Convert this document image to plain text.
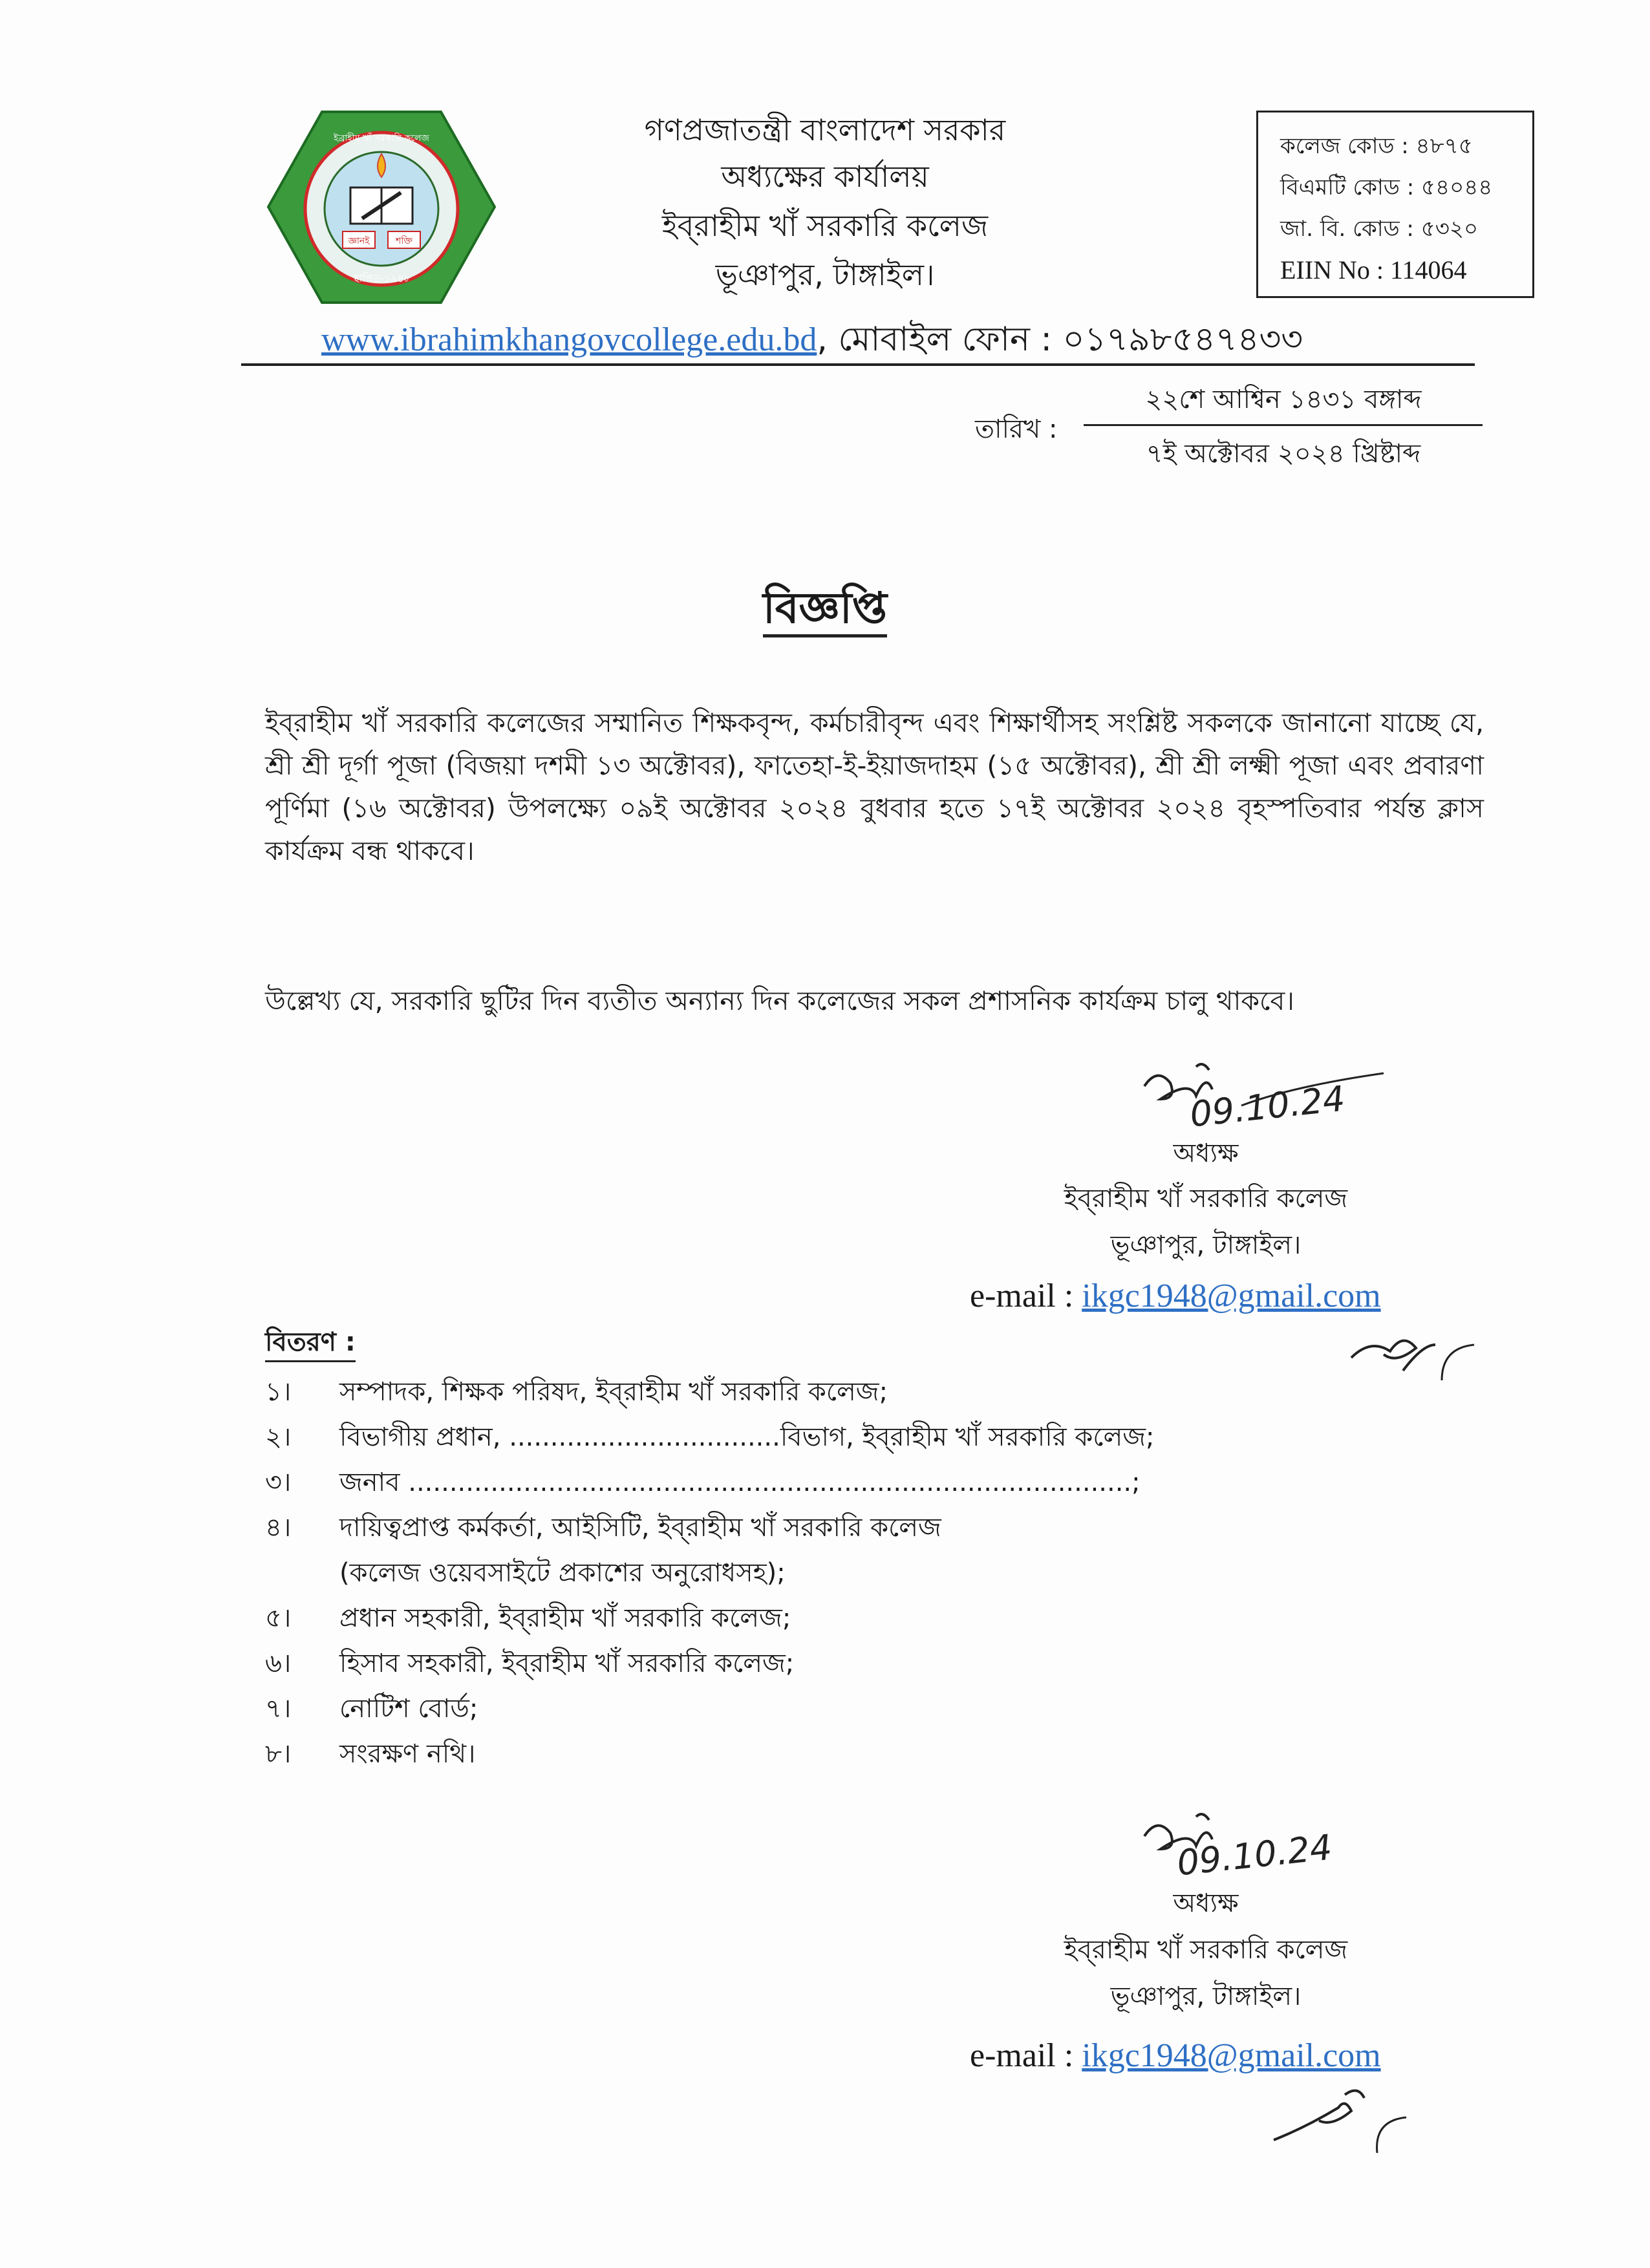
জ্ঞানই	শক্তি
স্থাপিত-১৯৪৮
ইব্রাহীম খাঁ সরকারি কলেজ	গণপ্রজাতন্ত্রী বাংলাদেশ সরকার
অধ্যক্ষের কার্যালয়
ইব্‌রাহীম খাঁ সরকারি কলেজ
ভূঞাপুর, টাঙ্গাইল।
কলেজ কোড : ৪৮৭৫
বিএমটি কোড : ৫৪০৪৪
জা. বি. কোড : ৫৩২০
EIIN No : 114064
www.ibrahimkhangovcollege.edu.bd, মোবাইল ফোন : ০১৭৯৮৫৪৭৪৩৩
তারিখ :
২২শে আশ্বিন ১৪৩১ বঙ্গাব্দ
৭ই অক্টোবর ২০২৪ খ্রিষ্টাব্দ
বিজ্ঞপ্তি
ইব্‌রাহীম খাঁ সরকারি কলেজের সম্মানিত শিক্ষকবৃন্দ, কর্মচারীবৃন্দ এবং শিক্ষার্থীসহ সংশ্লিষ্ট সকলকে জানানো যাচ্ছে যে, শ্রী শ্রী দূর্গা পূজা (বিজয়া দশমী ১৩ অক্টোবর), ফাতেহা-ই-ইয়াজদাহম (১৫ অক্টোবর), শ্রী শ্রী লক্ষ্মী পূজা এবং প্রবারণা পূর্ণিমা (১৬ অক্টোবর) উপলক্ষ্যে ০৯ই অক্টোবর ২০২৪ বুধবার হতে ১৭ই অক্টোবর ২০২৪ বৃহস্পতিবার পর্যন্ত ক্লাস কার্যক্রম বন্ধ থাকবে।
উল্লেখ্য যে, সরকারি ছুটির দিন ব্যতীত অন্যান্য দিন কলেজের সকল প্রশাসনিক কার্যক্রম চালু থাকবে।
09.10.24
অধ্যক্ষ
ইব্‌রাহীম খাঁ সরকারি কলেজ
ভূঞাপুর, টাঙ্গাইল।
e-mail : ikgc1948@gmail.com
বিতরণ :
১।	সম্পাদক, শিক্ষক পরিষদ, ইব্‌রাহীম খাঁ সরকারি কলেজ;
২।	বিভাগীয় প্রধান, .................................বিভাগ, ইব্‌রাহীম খাঁ সরকারি কলেজ;
৩।	জনাব ........................................................................................;
৪।	দায়িত্বপ্রাপ্ত কর্মকর্তা, আইসিটি, ইব্‌রাহীম খাঁ সরকারি কলেজ
(কলেজ ওয়েবসাইটে প্রকাশের অনুরোধসহ);
৫।	প্রধান সহকারী, ইব্‌রাহীম খাঁ সরকারি কলেজ;
৬।	হিসাব সহকারী, ইব্‌রাহীম খাঁ সরকারি কলেজ;
৭।	নোটিশ বোর্ড;
৮।	সংরক্ষণ নথি।
09.10.24
অধ্যক্ষ
ইব্‌রাহীম খাঁ সরকারি কলেজ
ভূঞাপুর, টাঙ্গাইল।
e-mail : ikgc1948@gmail.com
